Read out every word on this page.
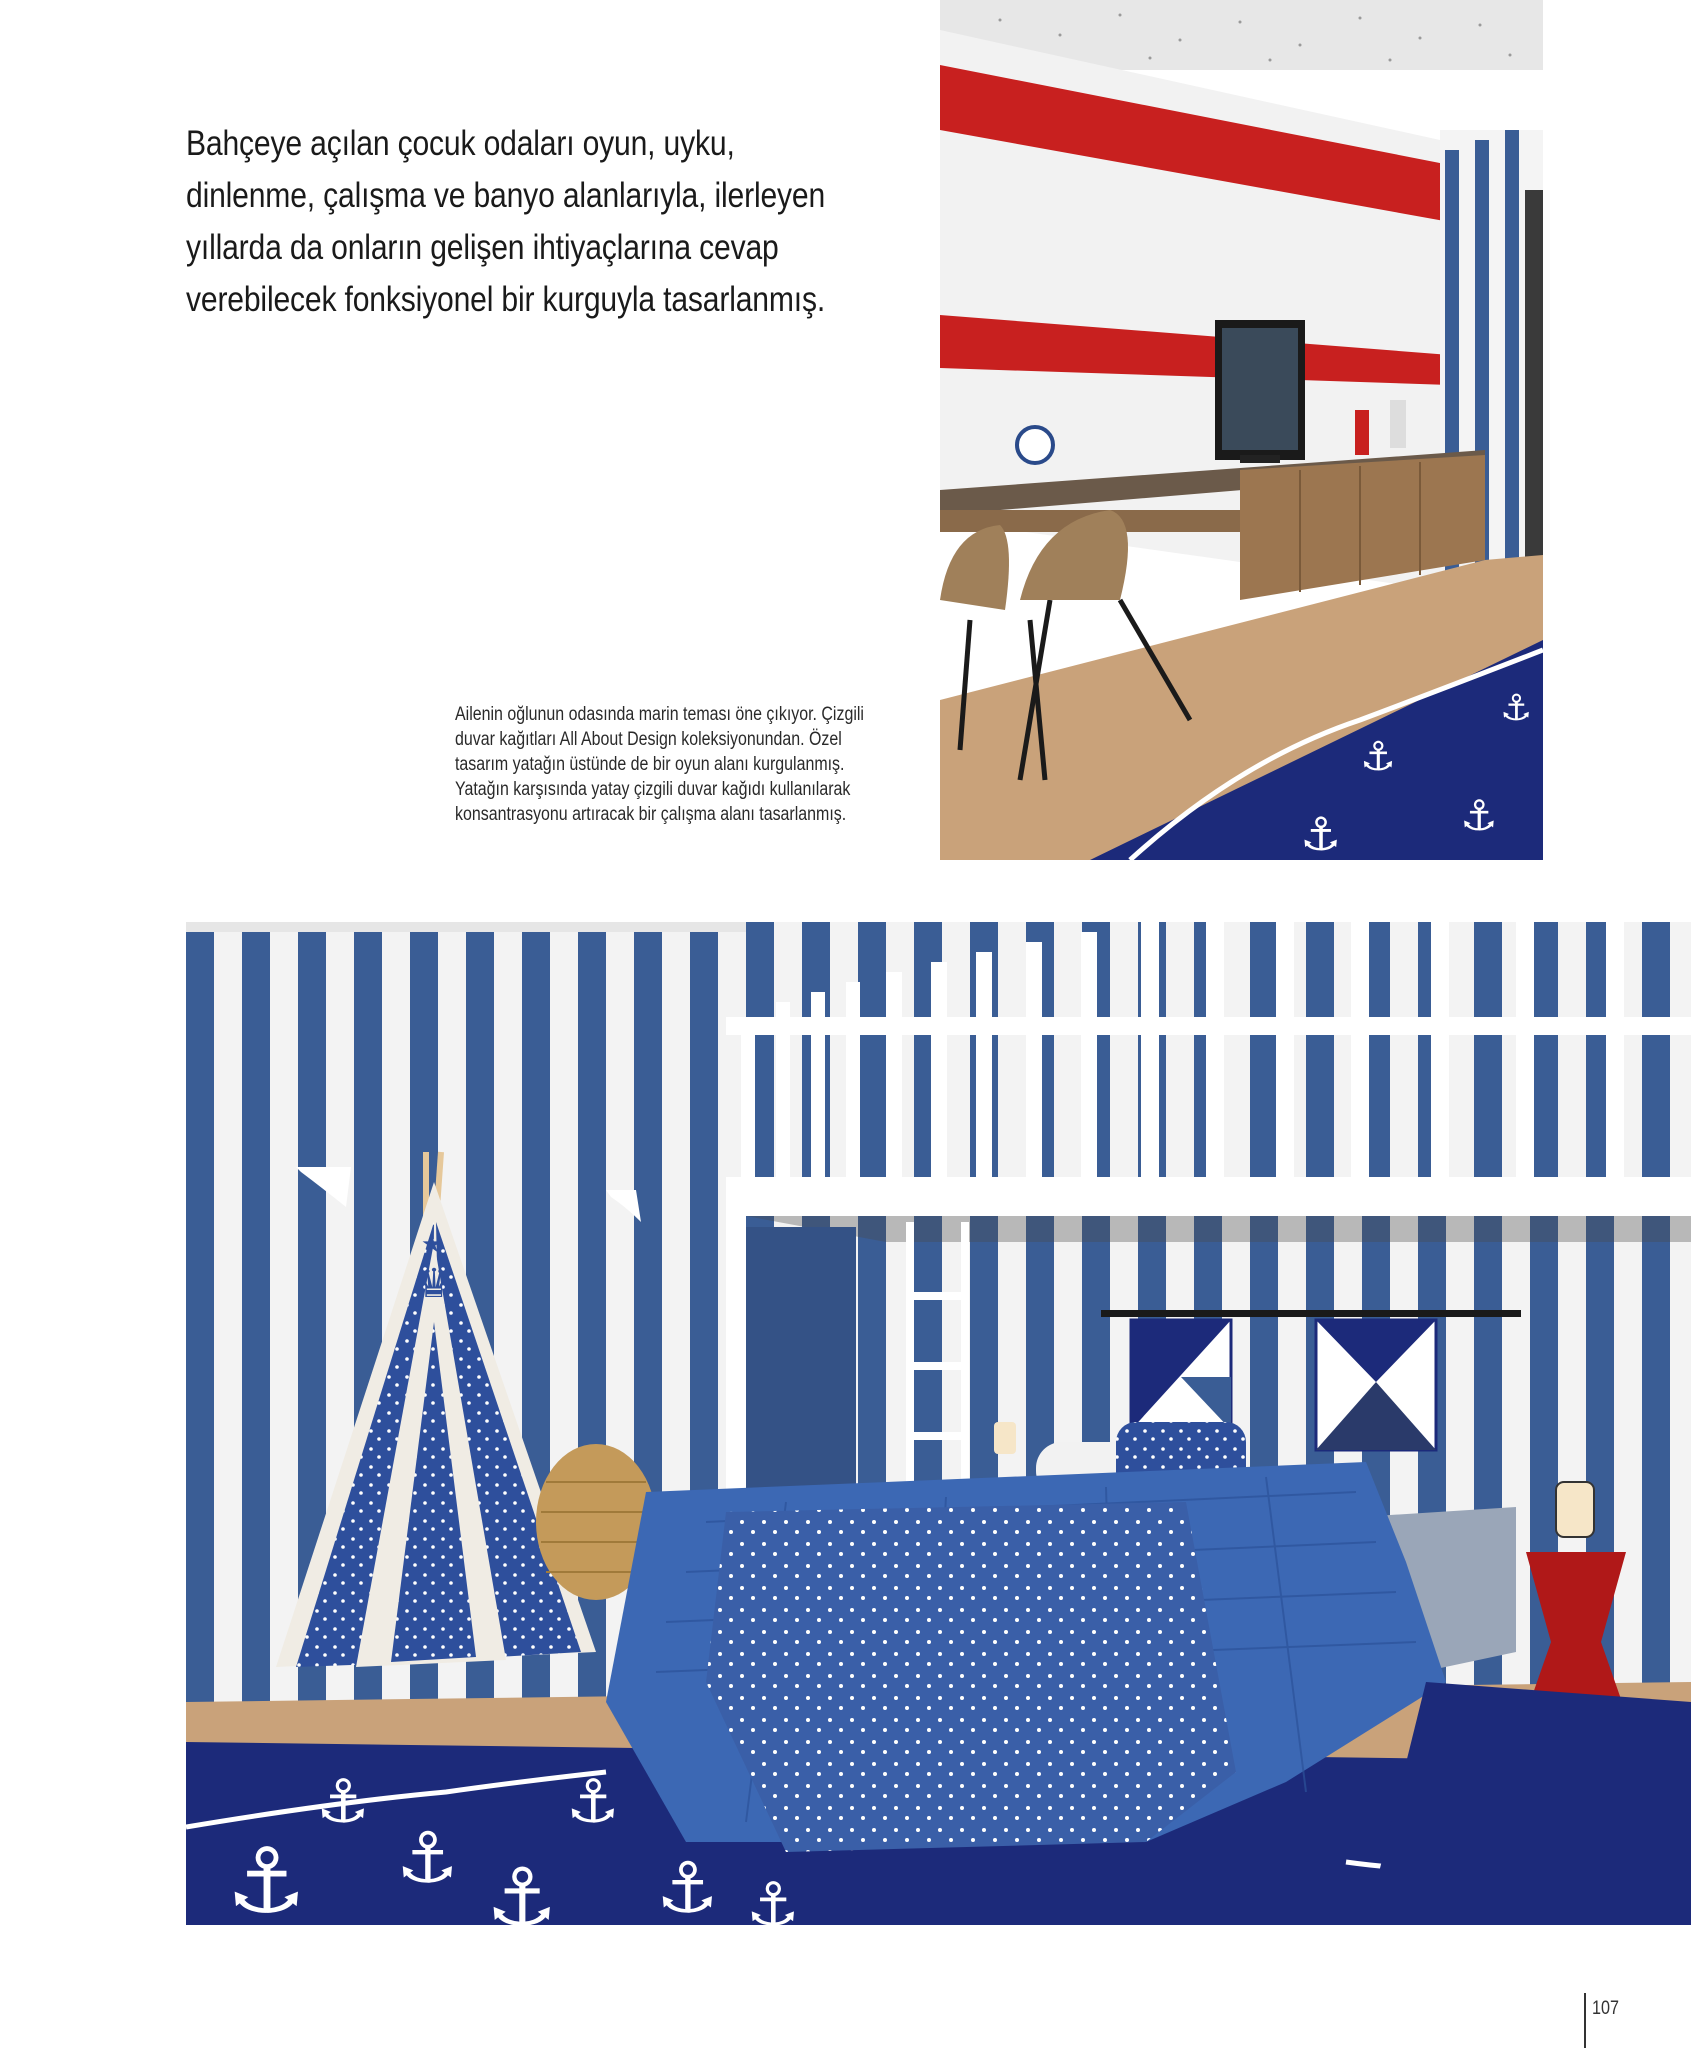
Bahçeye açılan çocuk odaları oyun, uyku,
dinlenme, çalışma ve banyo alanlarıyla, ilerleyen
yıllarda da onların gelişen ihtiyaçlarına cevap
verebilecek fonksiyonel bir kurguyla tasarlanmış.
⚓
⚓	⚓
⚓
Ailenin oğlunun odasında marin teması öne çıkıyor. Çizgili
duvar kağıtları All About Design koleksiyonundan. Özel
tasarım yatağın üstünde de bir oyun alanı kurgulanmış.
Yatağın karşısında yatay çizgili duvar kağıdı kullanılarak
konsantrasyonu artıracak bir çalışma alanı tasarlanmış.
⚓ ⚓ ⚓
⚓
⚓
⚓
⚓
♛
★
107
